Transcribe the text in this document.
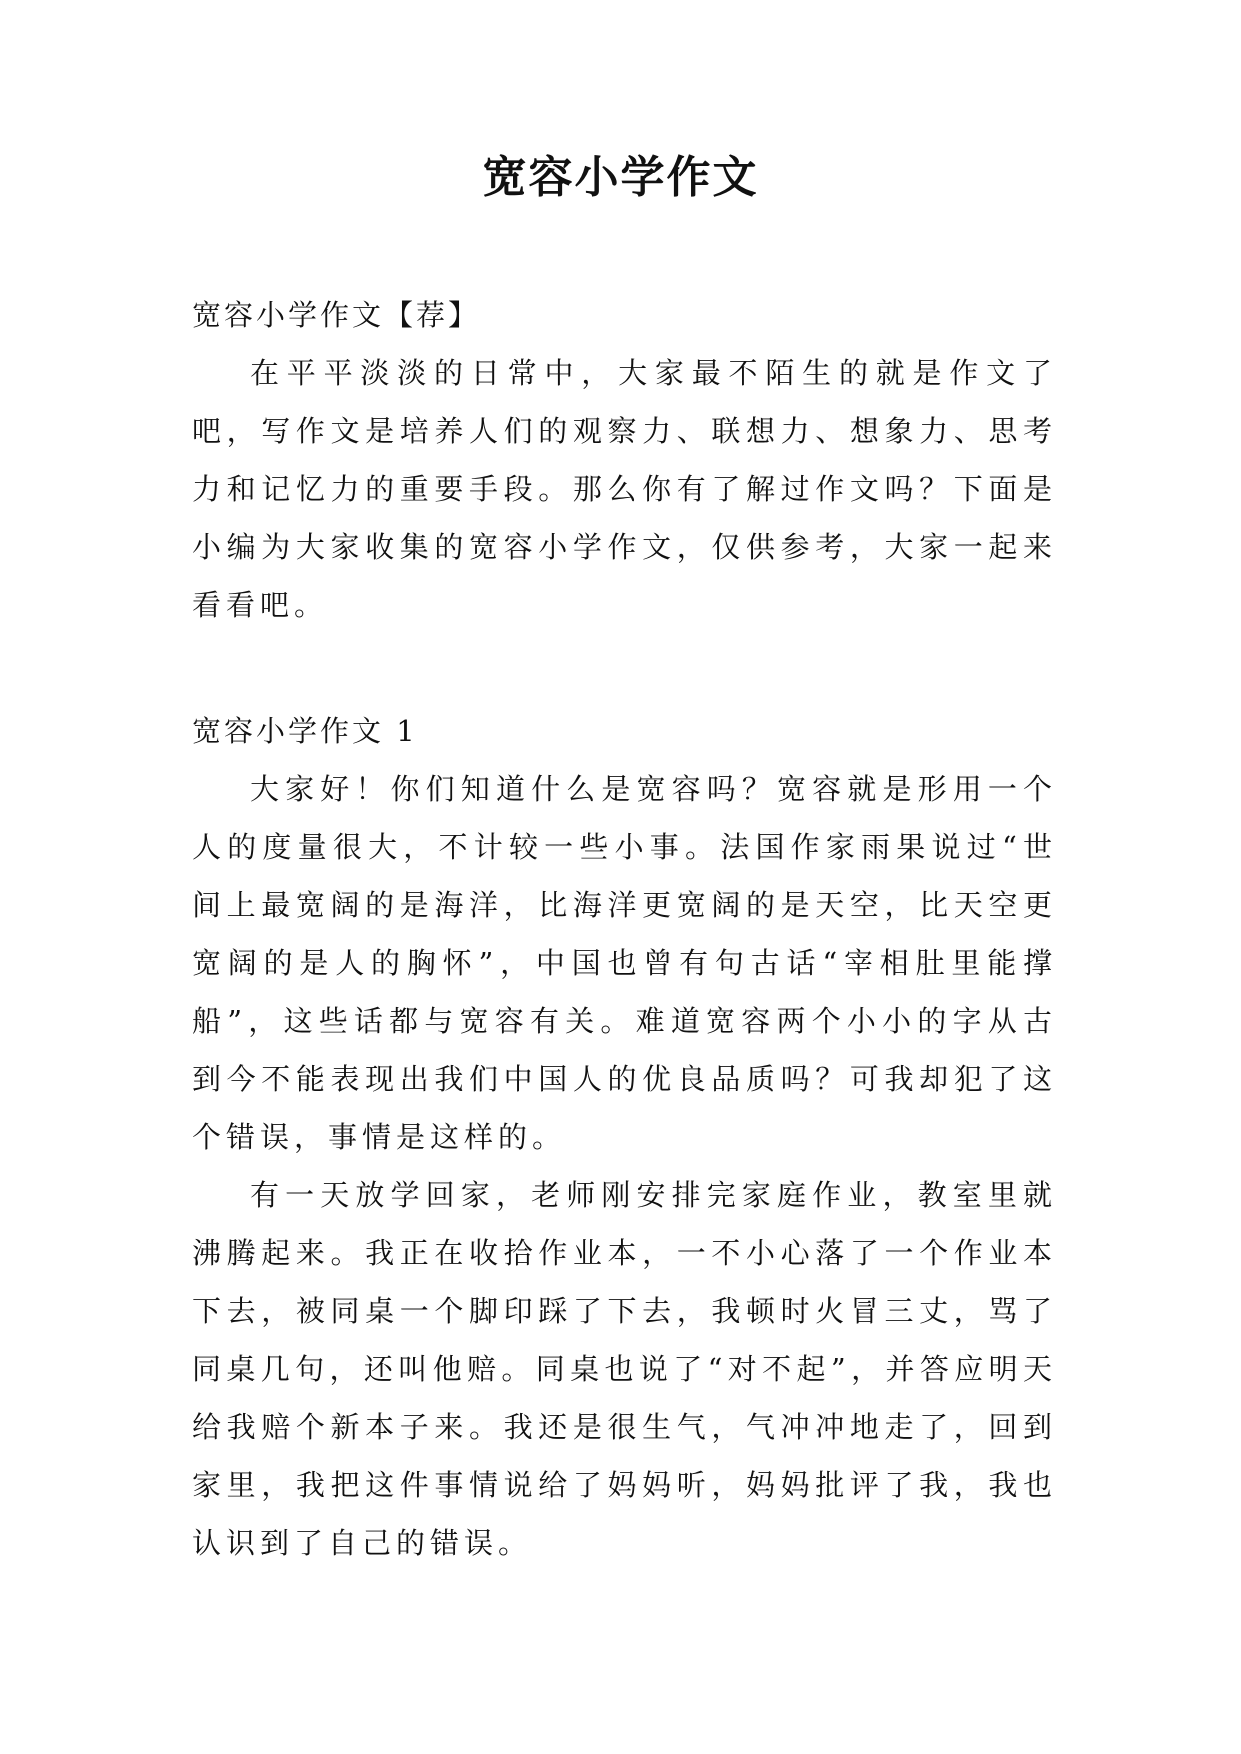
宽容小学作文

宽容小学作文【荐】

在平平淡淡的日常中，大家最不陌生的就是作文了吧，写作文是培养人们的观察力、联想力、想象力、思考力和记忆力的重要手段。那么你有了解过作文吗？下面是小编为大家收集的宽容小学作文，仅供参考，大家一起来看看吧。

宽容小学作文 1

大家好！你们知道什么是宽容吗？宽容就是形用一个人的度量很大，不计较一些小事。法国作家雨果说过“世间上最宽阔的是海洋，比海洋更宽阔的是天空，比天空更宽阔的是人的胸怀”，中国也曾有句古话“宰相肚里能撑船”，这些话都与宽容有关。难道宽容两个小小的字从古到今不能表现出我们中国人的优良品质吗？可我却犯了这个错误，事情是这样的。

有一天放学回家，老师刚安排完家庭作业，教室里就沸腾起来。我正在收拾作业本，一不小心落了一个作业本下去，被同桌一个脚印踩了下去，我顿时火冒三丈，骂了同桌几句，还叫他赔。同桌也说了“对不起”，并答应明天给我赔个新本子来。我还是很生气，气冲冲地走了，回到家里，我把这件事情说给了妈妈听，妈妈批评了我，我也认识到了自己的错误。
